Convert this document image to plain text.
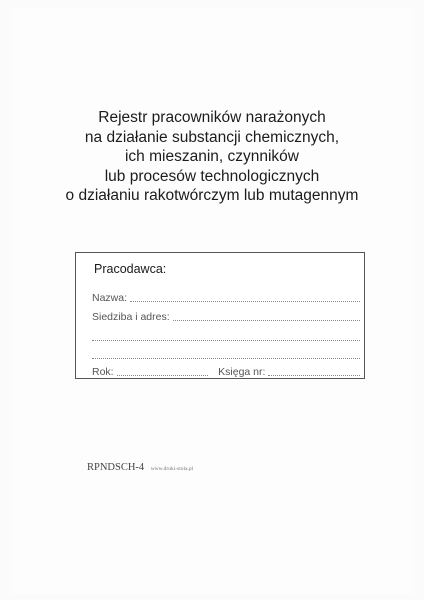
Rejestr pracowników narażonych
na działanie substancji chemicznych,
ich mieszanin, czynników
lub procesów technologicznych
o działaniu rakotwórczym lub mutagennym
Pracodawca:
Nazwa:
Siedziba i adres:
Rok:	Księga nr:
RPNDSCH-4 www.druki-stola.pl
